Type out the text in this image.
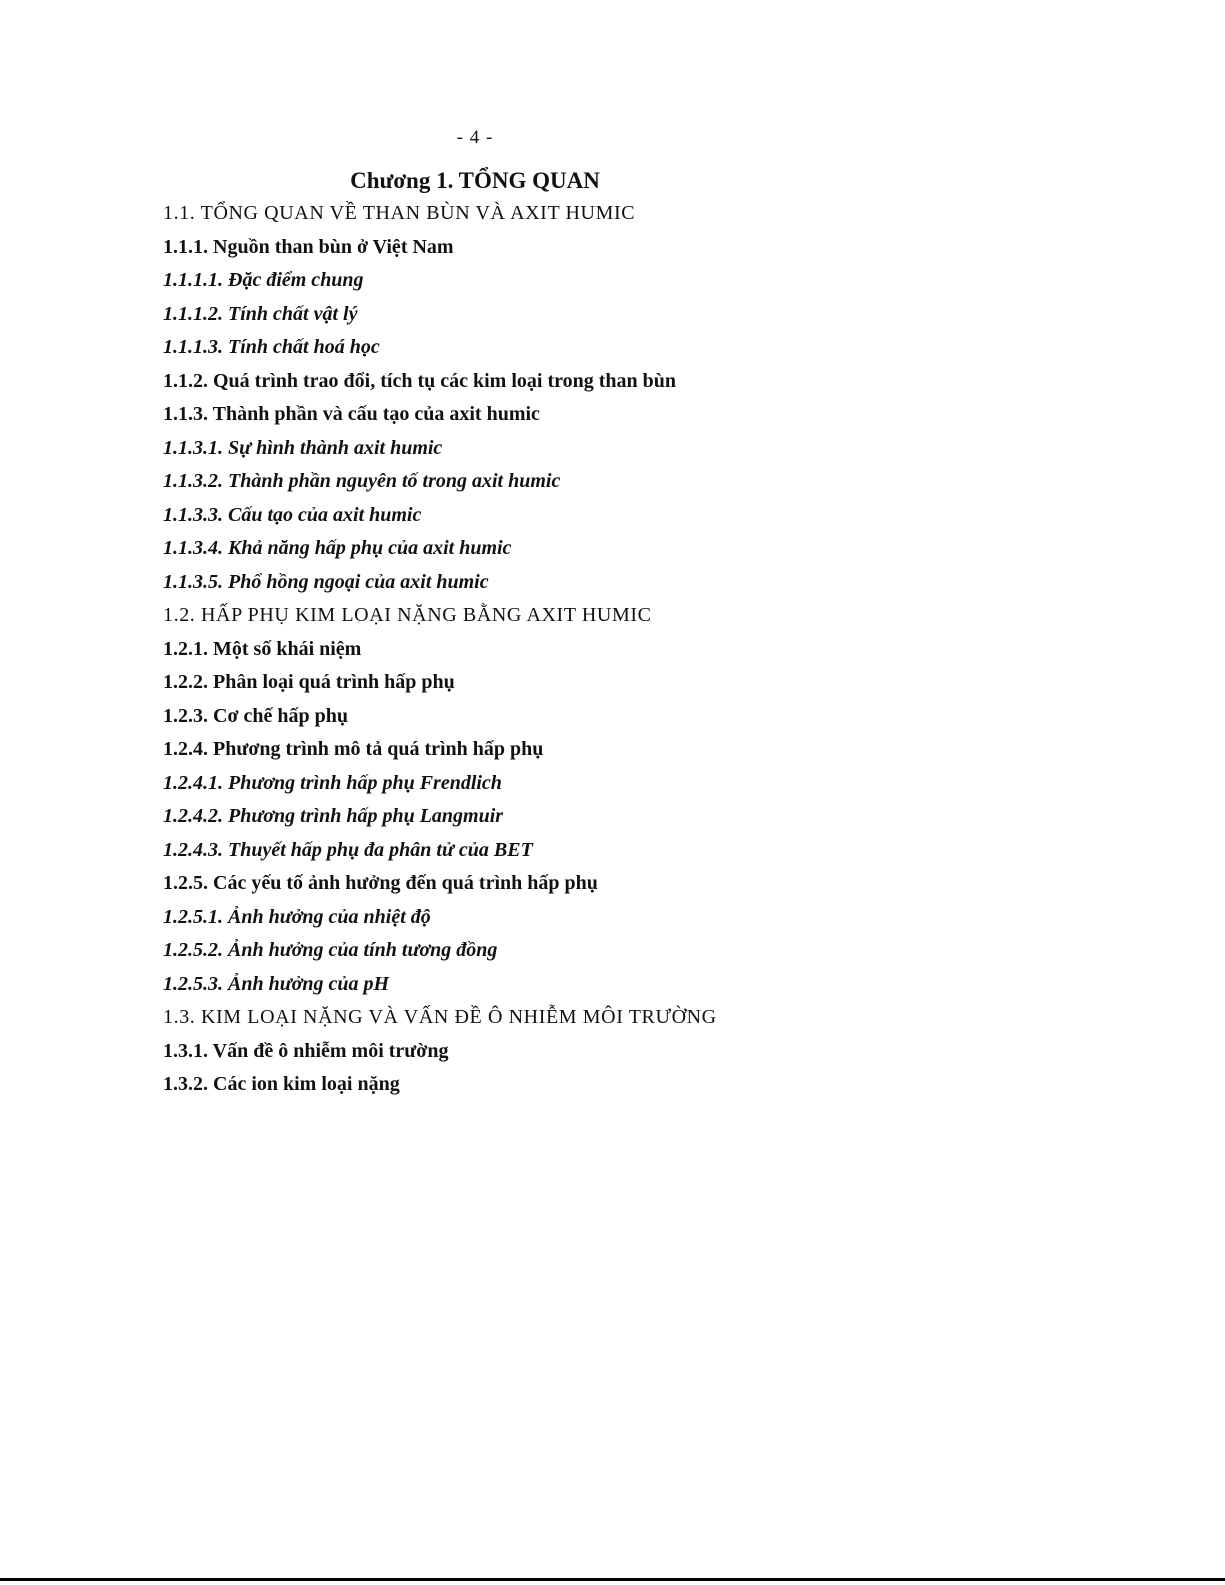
- 4 -
Chương 1. TỔNG QUAN
1.1. TỔNG QUAN VỀ THAN BÙN VÀ AXIT HUMIC
1.1.1. Nguồn than bùn ở Việt Nam
1.1.1.1. Đặc điểm chung
1.1.1.2. Tính chất vật lý
1.1.1.3. Tính chất hoá học
1.1.2. Quá trình trao đổi, tích tụ các kim loại trong than bùn
1.1.3. Thành phần và cấu tạo của axit humic
1.1.3.1. Sự hình thành axit humic
1.1.3.2. Thành phần nguyên tố trong axit humic
1.1.3.3. Cấu tạo của axit humic
1.1.3.4. Khả năng hấp phụ của axit humic
1.1.3.5. Phổ hồng ngoại của axit humic
1.2. HẤP PHỤ KIM LOẠI NẶNG BẰNG AXIT HUMIC
1.2.1. Một số khái niệm
1.2.2. Phân loại quá trình hấp phụ
1.2.3. Cơ chế hấp phụ
1.2.4. Phương trình mô tả quá trình hấp phụ
1.2.4.1. Phương trình hấp phụ Frendlich
1.2.4.2. Phương trình hấp phụ Langmuir
1.2.4.3. Thuyết hấp phụ đa phân tử của BET
1.2.5. Các yếu tố ảnh hưởng đến quá trình hấp phụ
1.2.5.1. Ảnh hưởng của nhiệt độ
1.2.5.2. Ảnh hưởng của tính tương đồng
1.2.5.3. Ảnh hưởng của pH
1.3. KIM LOẠI NẶNG VÀ VẤN ĐỀ Ô NHIỄM MÔI TRƯỜNG
1.3.1. Vấn đề ô nhiễm môi trường
1.3.2. Các ion kim loại nặng
